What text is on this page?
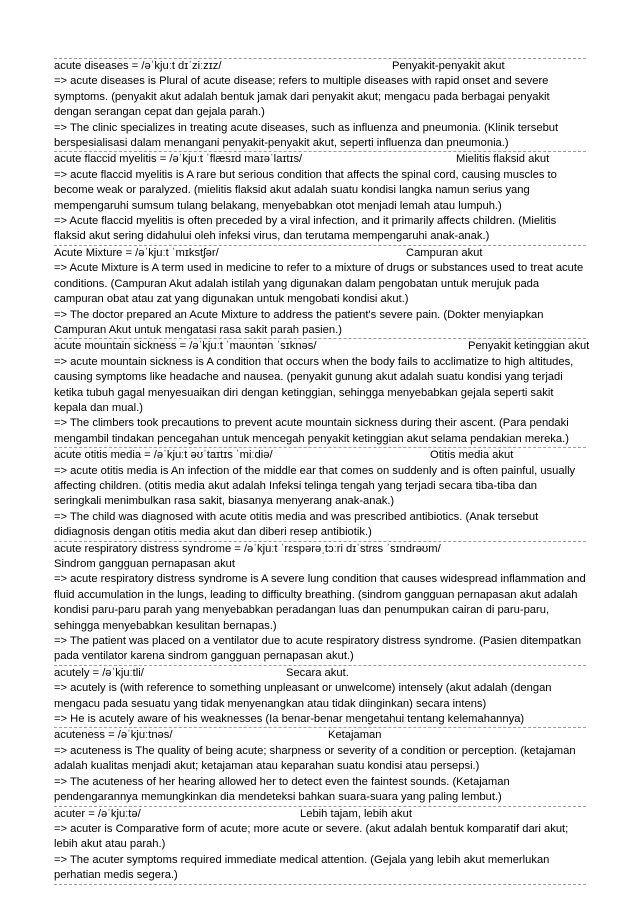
acute diseases = /əˈkjuːt dɪˈziːzɪz/	Penyakit-penyakit akut
=> acute diseases is Plural of acute disease; refers to multiple diseases with rapid onset and severe symptoms. (penyakit akut adalah bentuk jamak dari penyakit akut; mengacu pada berbagai penyakit dengan serangan cepat dan gejala parah.)
=> The clinic specializes in treating acute diseases, such as influenza and pneumonia. (Klinik tersebut berspesialisasi dalam menangani penyakit-penyakit akut, seperti influenza dan pneumonia.)
acute flaccid myelitis = /əˈkjuːt ˈflæsɪd maɪəˈlaɪtɪs/	Mielitis flaksid akut
=> acute flaccid myelitis is A rare but serious condition that affects the spinal cord, causing muscles to become weak or paralyzed. (mielitis flaksid akut adalah suatu kondisi langka namun serius yang mempengaruhi sumsum tulang belakang, menyebabkan otot menjadi lemah atau lumpuh.)
=> Acute flaccid myelitis is often preceded by a viral infection, and it primarily affects children. (Mielitis flaksid akut sering didahului oleh infeksi virus, dan terutama mempengaruhi anak-anak.)
Acute Mixture = /əˈkjuːt ˈmɪkstʃər/	Campuran akut
=> Acute Mixture is A term used in medicine to refer to a mixture of drugs or substances used to treat acute conditions. (Campuran Akut adalah istilah yang digunakan dalam pengobatan untuk merujuk pada campuran obat atau zat yang digunakan untuk mengobati kondisi akut.)
=> The doctor prepared an Acute Mixture to address the patient's severe pain. (Dokter menyiapkan Campuran Akut untuk mengatasi rasa sakit parah pasien.)
acute mountain sickness = /əˈkjuːt ˈmaʊntən ˈsɪknəs/	Penyakit ketinggian akut
=> acute mountain sickness is A condition that occurs when the body fails to acclimatize to high altitudes, causing symptoms like headache and nausea. (penyakit gunung akut adalah suatu kondisi yang terjadi ketika tubuh gagal menyesuaikan diri dengan ketinggian, sehingga menyebabkan gejala seperti sakit kepala dan mual.)
=> The climbers took precautions to prevent acute mountain sickness during their ascent. (Para pendaki mengambil tindakan pencegahan untuk mencegah penyakit ketinggian akut selama pendakian mereka.)
acute otitis media = /əˈkjuːt əʊˈtaɪtɪs ˈmiːdiə/	Otitis media akut
=> acute otitis media is An infection of the middle ear that comes on suddenly and is often painful, usually affecting children. (otitis media akut adalah Infeksi telinga tengah yang terjadi secara tiba-tiba dan seringkali menimbulkan rasa sakit, biasanya menyerang anak-anak.)
=> The child was diagnosed with acute otitis media and was prescribed antibiotics. (Anak tersebut didiagnosis dengan otitis media akut dan diberi resep antibiotik.)
acute respiratory distress syndrome = /əˈkjuːt ˈrɛspərəˌtɔːri dɪˈstrɛs ˈsɪndrəʊm/
Sindrom gangguan pernapasan akut
=> acute respiratory distress syndrome is A severe lung condition that causes widespread inflammation and fluid accumulation in the lungs, leading to difficulty breathing. (sindrom gangguan pernapasan akut adalah kondisi paru-paru parah yang menyebabkan peradangan luas dan penumpukan cairan di paru-paru, sehingga menyebabkan kesulitan bernapas.)
=> The patient was placed on a ventilator due to acute respiratory distress syndrome. (Pasien ditempatkan pada ventilator karena sindrom gangguan pernapasan akut.)
acutely = /əˈkjuːtli/	Secara akut.
=> acutely is (with reference to something unpleasant or unwelcome) intensely (akut adalah (dengan mengacu pada sesuatu yang tidak menyenangkan atau tidak diinginkan) secara intens)
=> He is acutely aware of his weaknesses (Ia benar-benar mengetahui tentang kelemahannya)
acuteness = /əˈkjuːtnəs/	Ketajaman
=> acuteness is The quality of being acute; sharpness or severity of a condition or perception. (ketajaman adalah kualitas menjadi akut; ketajaman atau keparahan suatu kondisi atau persepsi.)
=> The acuteness of her hearing allowed her to detect even the faintest sounds. (Ketajaman pendengarannya memungkinkan dia mendeteksi bahkan suara-suara yang paling lembut.)
acuter = /əˈkjuːtə/	Lebih tajam, lebih akut
=> acuter is Comparative form of acute; more acute or severe. (akut adalah bentuk komparatif dari akut; lebih akut atau parah.)
=> The acuter symptoms required immediate medical attention. (Gejala yang lebih akut memerlukan perhatian medis segera.)
